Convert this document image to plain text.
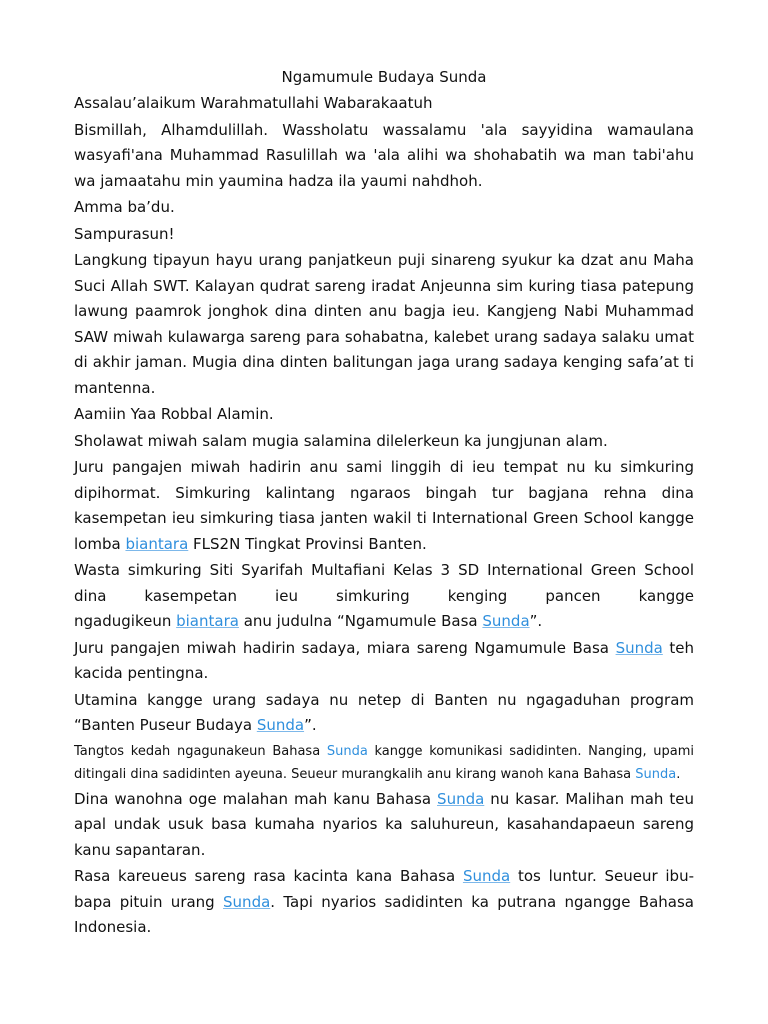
Ngamumule Budaya Sunda

Assalau’alaikum Warahmatullahi Wabarakaatuh

Bismillah, Alhamdulillah. Wassholatu wassalamu 'ala sayyidina wamaulana wasyafi'ana Muhammad Rasulillah wa 'ala alihi wa shohabatih wa man tabi'ahu wa jamaatahu min yaumina hadza ila yaumi nahdhoh.

Amma ba’du.

Sampurasun!

Langkung tipayun hayu urang panjatkeun puji sinareng syukur ka dzat anu Maha Suci Allah SWT. Kalayan qudrat sareng iradat Anjeunna sim kuring tiasa patepung lawung paamrok jonghok dina dinten anu bagja ieu. Kangjeng Nabi Muhammad SAW miwah kulawarga sareng para sohabatna, kalebet urang sadaya salaku umat di akhir jaman. Mugia dina dinten balitungan jaga urang sadaya kenging safa’at ti mantenna.

Aamiin Yaa Robbal Alamin.

Sholawat miwah salam mugia salamina dilelerkeun ka jungjunan alam.

Juru pangajen miwah hadirin anu sami linggih di ieu tempat nu ku simkuring dipihormat. Simkuring kalintang ngaraos bingah tur bagjana rehna dina kasempetan ieu simkuring tiasa janten wakil ti International Green School kangge lomba biantara FLS2N Tingkat Provinsi Banten.

Wasta simkuring Siti Syarifah Multafiani Kelas 3 SD International Green School dina kasempetan ieu simkuring kenging pancen kangge
ngadugikeun biantara anu judulna “Ngamumule Basa Sunda”.

Juru pangajen miwah hadirin sadaya, miara sareng Ngamumule Basa Sunda teh kacida pentingna.

Utamina kangge urang sadaya nu netep di Banten nu ngagaduhan program “Banten Puseur Budaya Sunda”.

Tangtos kedah ngagunakeun Bahasa Sunda kangge komunikasi sadidinten. Nanging, upami ditingali dina sadidinten ayeuna. Seueur murangkalih anu kirang wanoh kana Bahasa Sunda.

Dina wanohna oge malahan mah kanu Bahasa Sunda nu kasar. Malihan mah teu apal undak usuk basa kumaha nyarios ka saluhureun, kasahandapaeun sareng kanu sapantaran.

Rasa kareueus sareng rasa kacinta kana Bahasa Sunda tos luntur. Seueur ibu-bapa pituin urang Sunda. Tapi nyarios sadidinten ka putrana ngangge Bahasa Indonesia.
